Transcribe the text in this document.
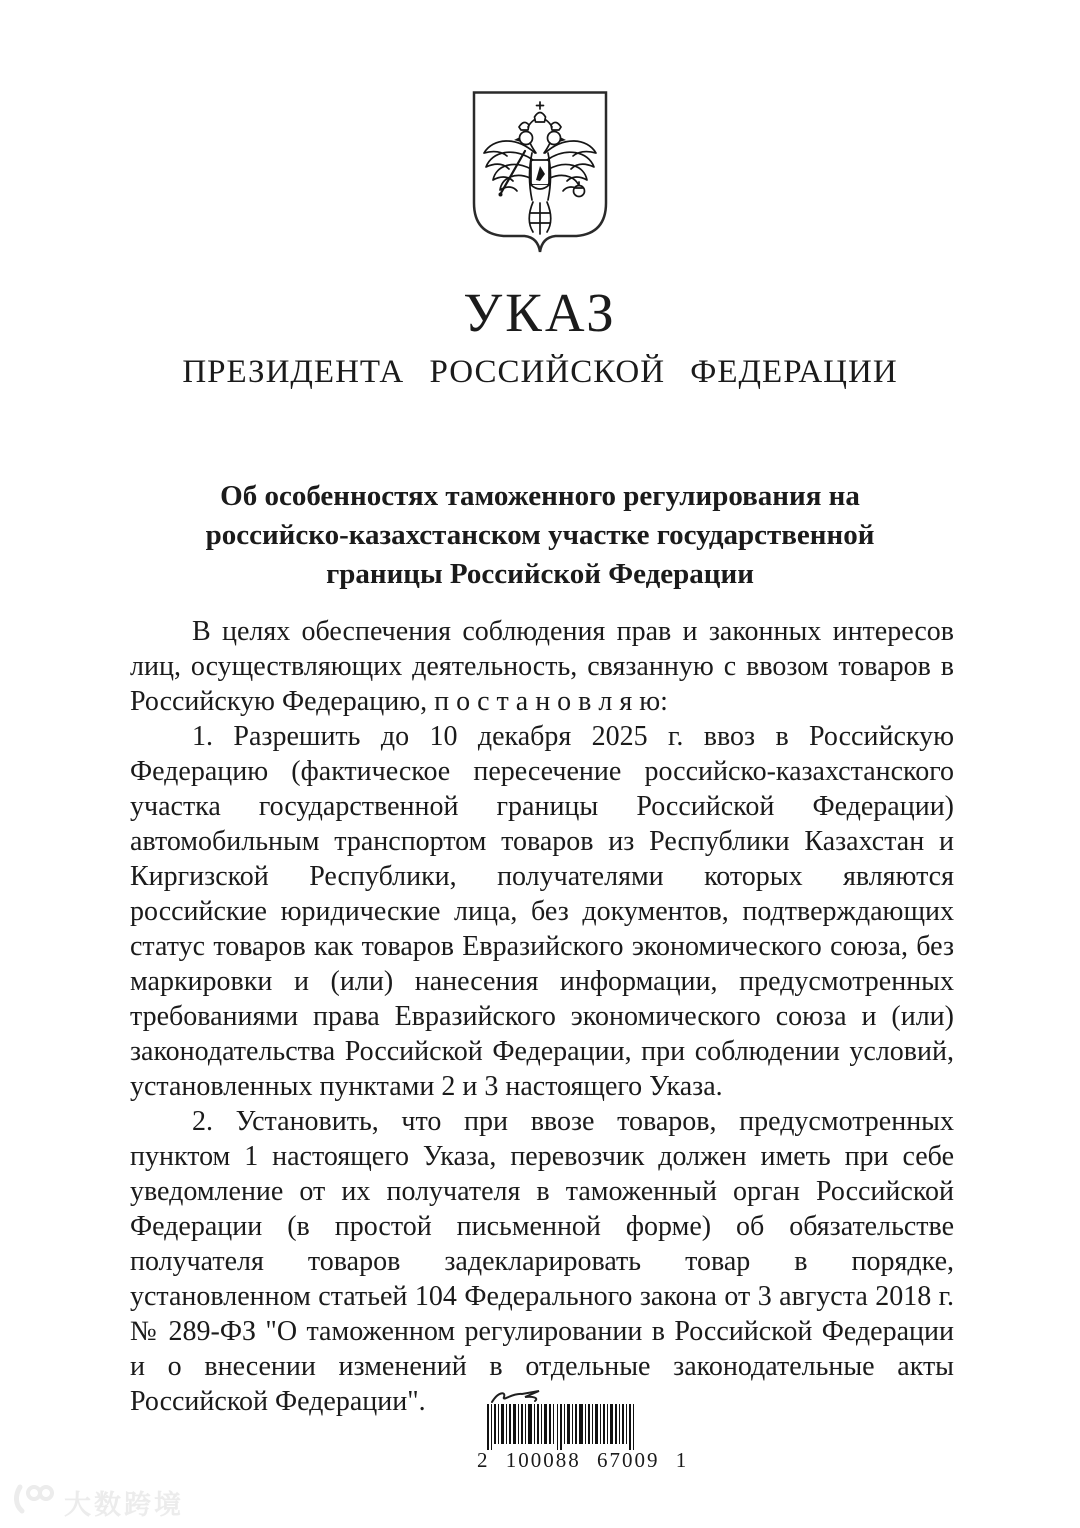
УКАЗ
ПРЕЗИДЕНТА РОССИЙСКОЙ ФЕДЕРАЦИИ
Об особенностях таможенного регулирования на российско-казахстанском участке государственной границы Российской Федерации

В целях обеспечения соблюдения прав и законных интересов лиц, осуществляющих деятельность, связанную с ввозом товаров в Российскую Федерацию, п о с т а н о в л я ю:

1. Разрешить до 10 декабря 2025 г. ввоз в Российскую Федерацию (фактическое пересечение российско-казахстанского участка государственной границы Российской Федерации) автомобильным транспортом товаров из Республики Казахстан и Киргизской Республики, получателями которых являются российские юридические лица, без документов, подтверждающих статус товаров как товаров Евразийского экономического союза, без маркировки и (или) нанесения информации, предусмотренных требованиями права Евразийского экономического союза и (или) законодательства Российской Федерации, при соблюдении условий, установленных пунктами 2 и 3 настоящего Указа.

2. Установить, что при ввозе товаров, предусмотренных пунктом 1 настоящего Указа, перевозчик должен иметь при себе уведомление от их получателя в таможенный орган Российской Федерации (в простой письменной форме) об обязательстве получателя товаров задекларировать товар в порядке, установленном статьей 104 Федерального закона от 3 августа 2018 г. № 289-ФЗ "О таможенном регулировании в Российской Федерации и о внесении изменений в отдельные законодательные акты Российской Федерации".

2 100088 67009 1
大数跨境
